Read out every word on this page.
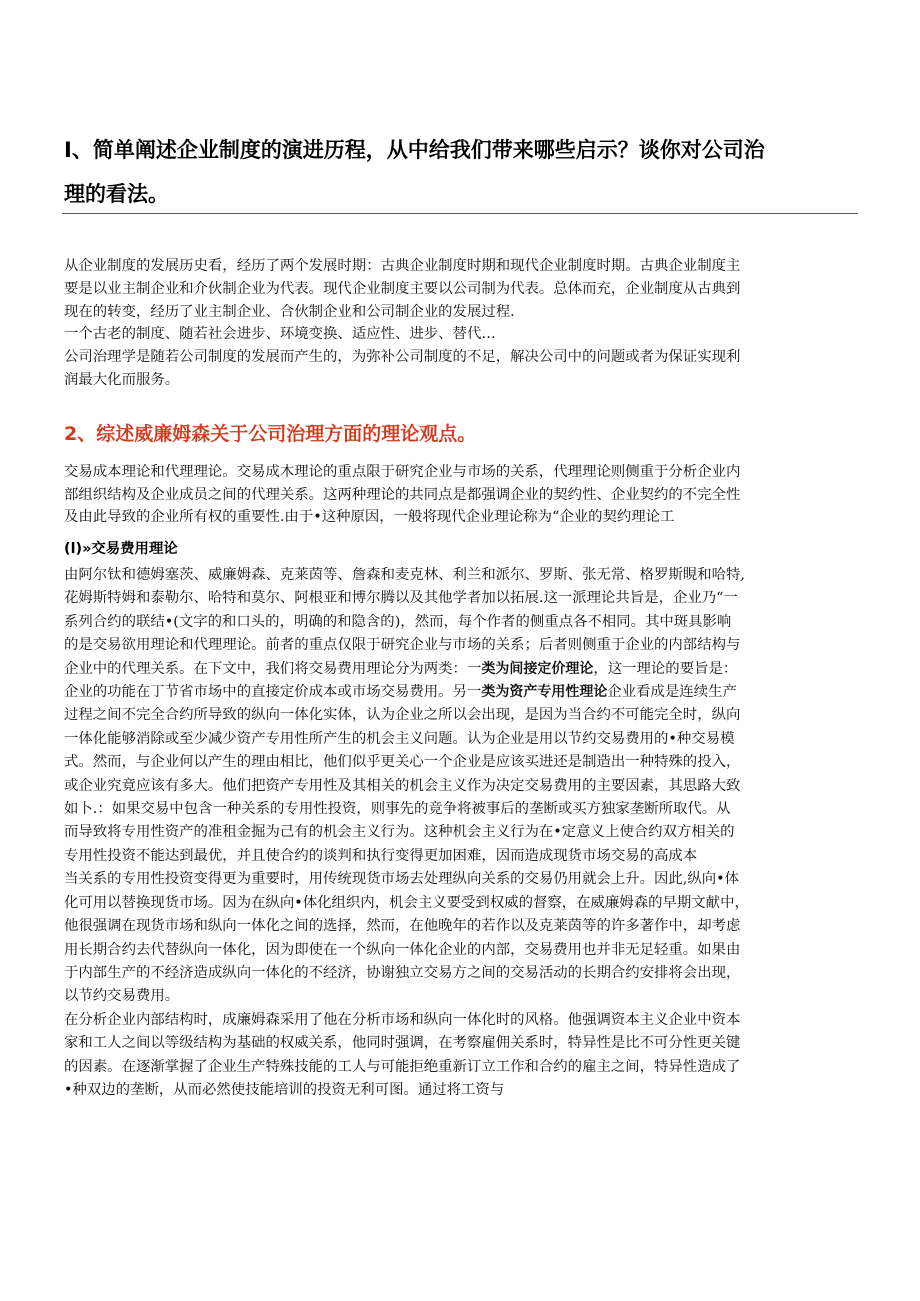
I、简单阐述企业制度的演进历程，从中给我们带来哪些启示？谈你对公司治
理的看法。
从企业制度的发展历史看，经历了两个发展时期：古典企业制度时期和现代企业制度时期。古典企业制度主
要是以业主制企业和介伙制企业为代表。现代企业制度主要以公司制为代表。总体而充，企业制度从古典到
现在的转变，经历了业主制企业、合伙制企业和公司制企业的发展过程.
一个古老的制度、随若社会进步、环境变换、适应性、进步、替代…
公司治理学是随若公司制度的发展而产生的，为弥补公司制度的不足，解决公司中的问题或者为保证实现利
润最大化而服务。
2、综述威廉姆森关于公司治理方面的理论观点。
交易成本理论和代理理论。交易成木理论的重点限于研究企业与市场的关系，代理理论则侧重于分析企业内
部组织结构及企业成员之间的代理关系。这两种理论的共同点是都强调企业的契约性、企业契约的不完全性
及由此导致的企业所有权的重要性.由于•这种原因，一般将现代企业理论称为“企业的契约理论工
(l)»交易费用理论
由阿尔钛和德姆塞茨、威廉姆森、克莱茵等、詹森和麦克林、利兰和派尔、罗斯、张无常、格罗斯睍和哈特,
花姆斯特姆和泰勒尔、哈特和莫尔、阿根亚和博尔腾以及其他学者加以拓展.这一派理论共旨是，企业乃“一
系列合约的联结•(文字的和口头的，明确的和隐含的)，然而，每个作者的侧重点各不相同。其中斑具影响
的是交易欲用理论和代理理论。前者的重点仅限于研究企业与市场的关系；后者则侧重于企业的内部结构与
企业中的代理关系。在下文中，我们将交易费用理论分为两类：一类为间接定价理论，这一理论的要旨是：
企业的功能在丁节省市场中的直接定价成本或市场交易费用。另一类为资产专用性理论企业看成是连续生产
过程之间不完全合约所导致的纵向一体化实体，认为企业之所以会出现，是因为当合约不可能完全时，纵向
一体化能够消除或至少减少资产专用性所产生的机会主义问题。认为企业是用以节约交易费用的•种交易模
式。然而，与企业何以产生的理由相比，他们似乎更关心一个企业是应该买进还是制造出一种特殊的投入，
或企业究竟应该有多大。他们把资产专用性及其相关的机会主义作为决定交易费用的主要因素，其思路大致
如卜.：如果交易中包含一种关系的专用性投资，则事先的竞争将被事后的垄断或买方独家垄断所取代。从
而导致将专用性资产的准租金掘为己有的机会主义行为。这种机会主义行为在•定意义上使合约双方相关的
专用性投资不能达到最优，并且使合约的谈判和执行变得更加困难，因而造成现货市场交易的高成本
当关系的专用性投资变得更为重要时，用传统现货市场去处理纵向关系的交易仍用就会上升。因此,纵向•体
化可用以替换现货市场。因为在纵向•体化组织内，机会主义要受到权威的督察，在威廉姆森的早期文献中，
他很强调在现货市场和纵向一体化之间的选择，然而，在他晚年的若作以及克莱茵等的许多著作中，却考虑
用长期合约去代替纵向一体化，因为即使在一个纵向一体化企业的内部，交易费用也并非无足轻重。如果由
于内部生产的不经济造成纵向一体化的不经济，协谢独立交易方之间的交易活动的长期合约安排将会出现，
以节约交易费用。
在分析企业内部结构时，成廉姆森采用了他在分析市场和纵向一体化时的风格。他强调资本主义企业中资本
家和工人之间以等级结构为基础的权威关系，他同时强调，在考察雇佣关系时，特异性是比不可分性更关键
的因素。在逐渐掌握了企业生产特殊技能的工人与可能拒绝重新订立工作和合约的雇主之间，特异性造成了
•种双边的垄断，从而必然使技能培训的投资无利可图。通过将工资与
